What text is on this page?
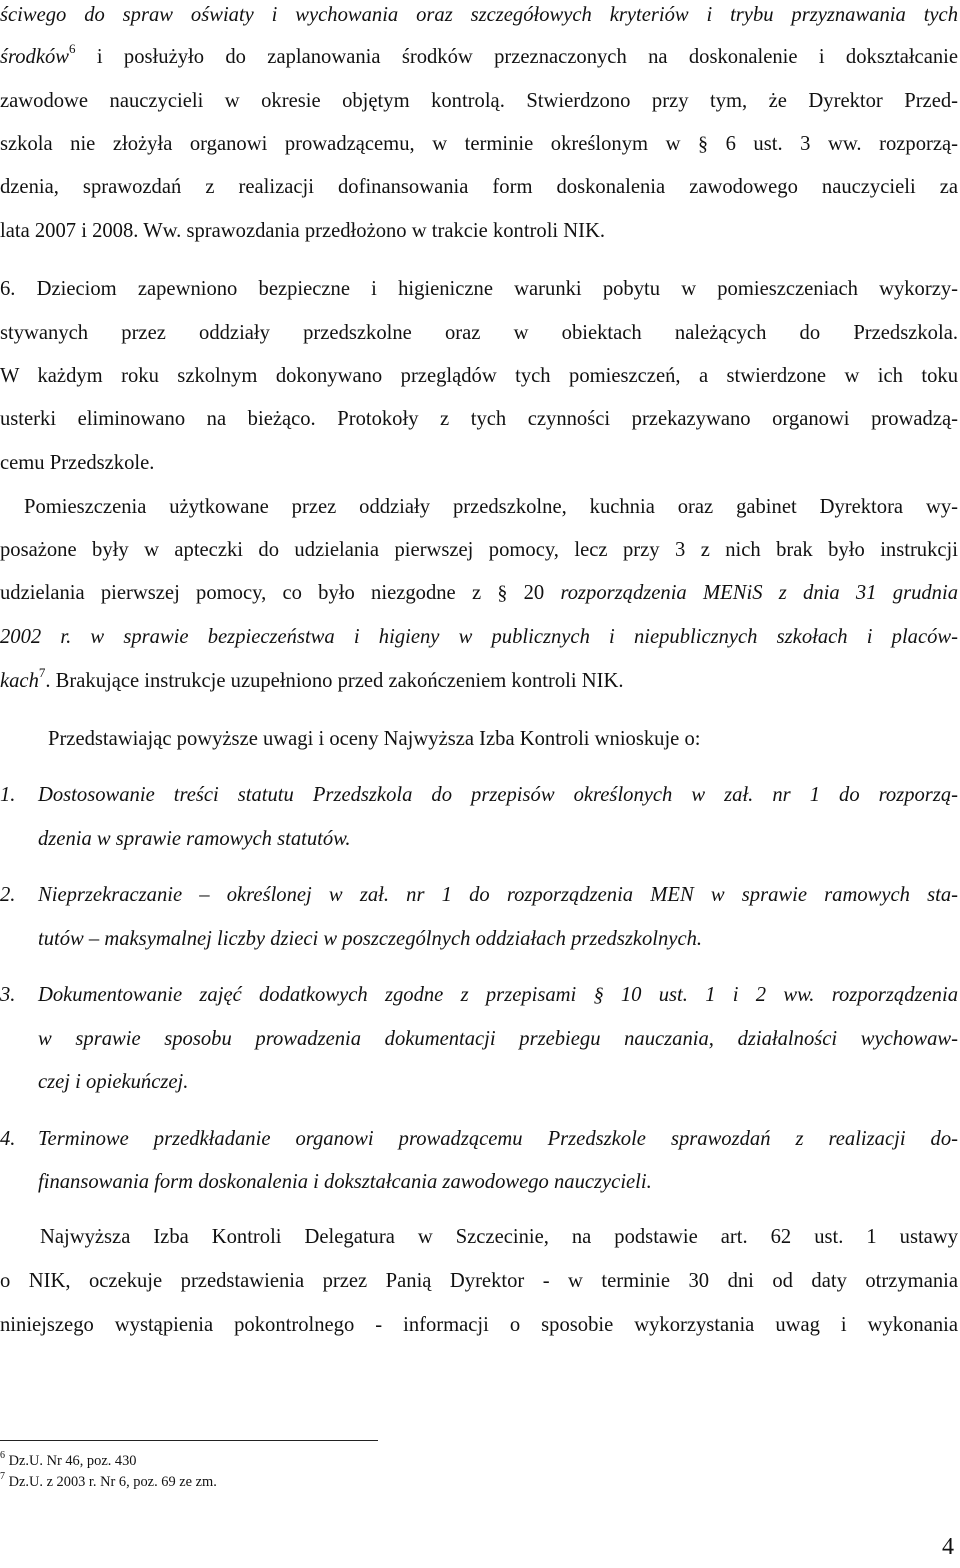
ściwego do spraw oświaty i wychowania oraz szczegółowych kryteriów i trybu przyznawania tych
środków$^6$ i posłużyło do zaplanowania środków przeznaczonych na doskonalenie i dokształcanie
zawodowe nauczycieli w okresie objętym kontrolą. Stwierdzono przy tym, że Dyrektor Przed-
szkola nie złożyła organowi prowadzącemu, w terminie określonym w § 6 ust. 3 ww. rozporzą-
dzenia, sprawozdań z realizacji dofinansowania form doskonalenia zawodowego nauczycieli za
lata 2007 i 2008. Ww. sprawozdania przedłożono w trakcie kontroli NIK.
6. Dzieciom zapewniono bezpieczne i higieniczne warunki pobytu w pomieszczeniach wykorzy-
stywanych przez oddziały przedszkolne oraz w obiektach należących do Przedszkola.
W każdym roku szkolnym dokonywano przeglądów tych pomieszczeń, a stwierdzone w ich toku
usterki eliminowano na bieżąco. Protokoły z tych czynności przekazywano organowi prowadzą-
cemu Przedszkole.
Pomieszczenia użytkowane przez oddziały przedszkolne, kuchnia oraz gabinet Dyrektora wy-
posażone były w apteczki do udzielania pierwszej pomocy, lecz przy 3 z nich brak było instrukcji
udzielania pierwszej pomocy, co było niezgodne z § 20 rozporządzenia MENiS z dnia 31 grudnia
2002 r. w sprawie bezpieczeństwa i higieny w publicznych i niepublicznych szkołach i placów-
kach$^7$. Brakujące instrukcje uzupełniono przed zakończeniem kontroli NIK.
Przedstawiając powyższe uwagi i oceny Najwyższa Izba Kontroli wnioskuje o:
1.	Dostosowanie treści statutu Przedszkola do przepisów określonych w zał. nr 1 do rozporzą-
dzenia w sprawie ramowych statutów.
2.	Nieprzekraczanie – określonej w zał. nr 1 do rozporządzenia MEN w sprawie ramowych sta-
tutów – maksymalnej liczby dzieci w poszczególnych oddziałach przedszkolnych.
3.	Dokumentowanie zajęć dodatkowych zgodne z przepisami § 10 ust. 1 i 2 ww. rozporządzenia
w sprawie sposobu prowadzenia dokumentacji przebiegu nauczania, działalności wychowaw-
czej i opiekuńczej.
4.	Terminowe przedkładanie organowi prowadzącemu Przedszkole sprawozdań z realizacji do-
finansowania form doskonalenia i dokształcania zawodowego nauczycieli.
Najwyższa Izba Kontroli Delegatura w Szczecinie, na podstawie art. 62 ust. 1 ustawy
o NIK, oczekuje przedstawienia przez Panią Dyrektor - w terminie 30 dni od daty otrzymania
niniejszego wystąpienia pokontrolnego - informacji o sposobie wykorzystania uwag i wykonania
$^6$ Dz.U. Nr 46, poz. 430
$^7$ Dz.U. z 2003 r. Nr 6, poz. 69 ze zm.
4
